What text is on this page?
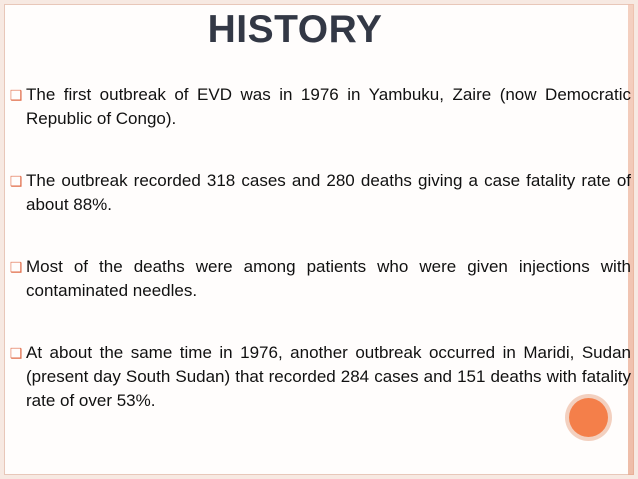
HISTORY
❑ The first outbreak of EVD was in 1976 in Yambuku, Zaire (now Democratic Republic of Congo).
❑ The outbreak recorded 318 cases and 280 deaths giving a case fatality rate of about 88%.
❑ Most of the deaths were among patients who were given injections with contaminated needles.
❑ At about the same time in 1976, another outbreak occurred in Maridi, Sudan (present day South Sudan) that recorded 284 cases and 151 deaths with fatality rate of over 53%.
